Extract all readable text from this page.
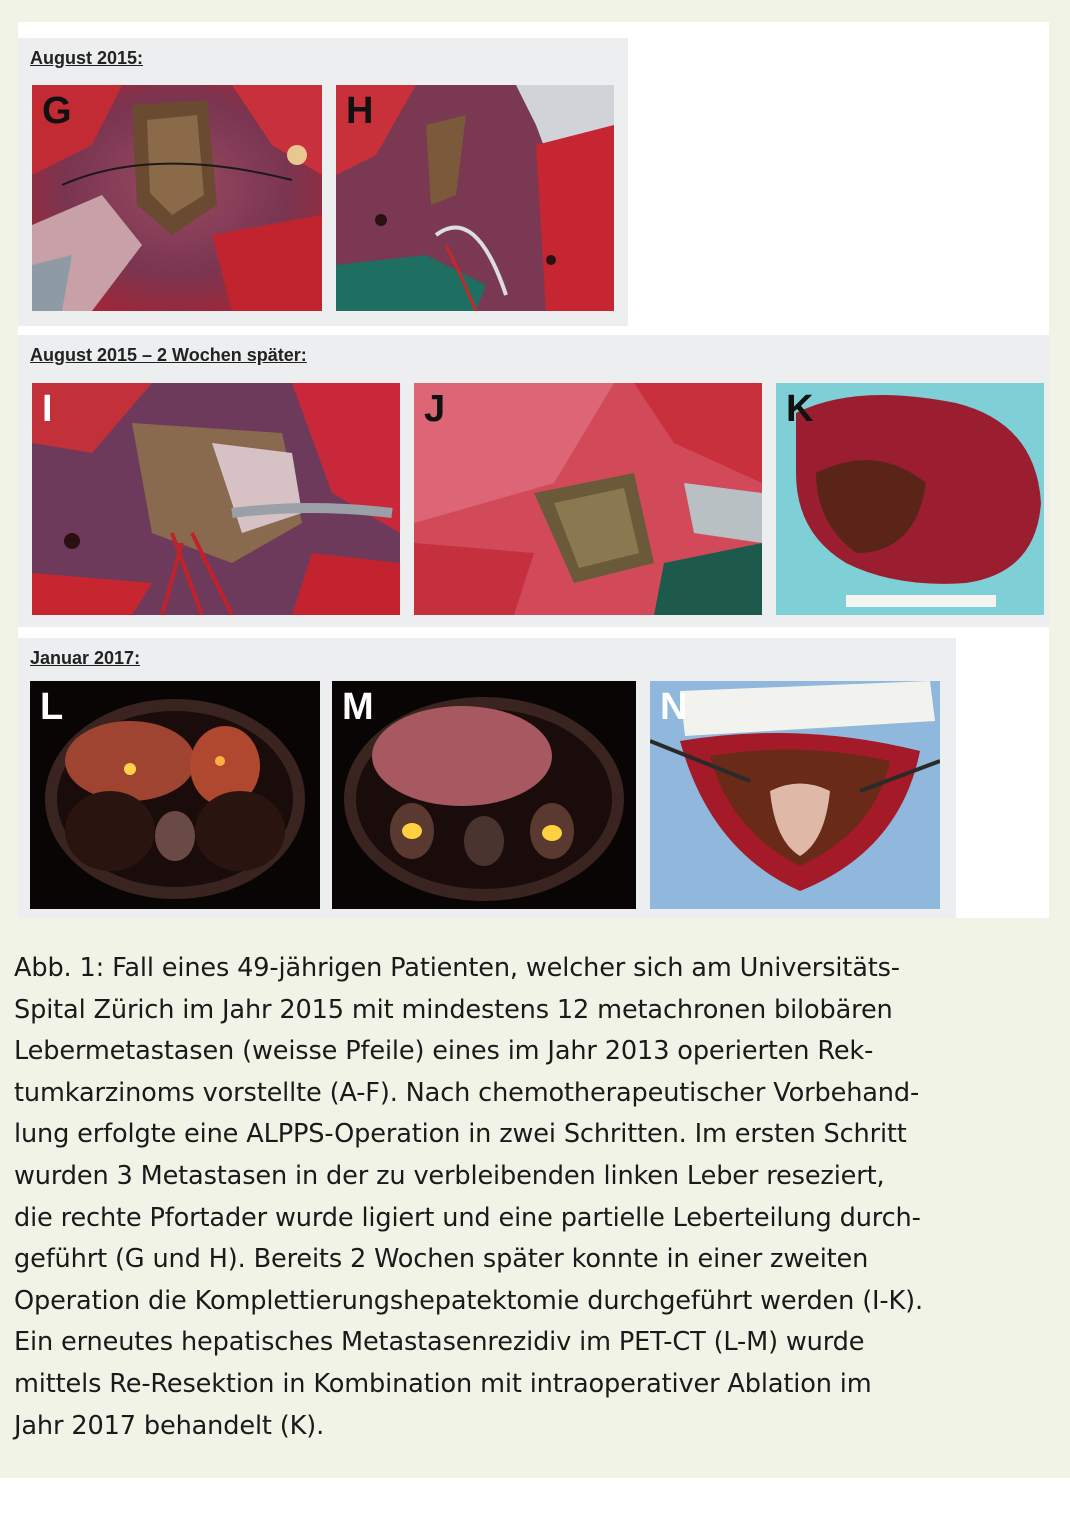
August 2015:
G	H
August 2015 – 2 Wochen später:
I	J	K
Januar 2017:
L	M	N
Abb. 1: Fall eines 49-jährigen Patienten, welcher sich am Universitäts-
Spital Zürich im Jahr 2015 mit mindestens 12 metachronen bilobären
Lebermetastasen (weisse Pfeile) eines im Jahr 2013 operierten Rek-
tumkarzinoms vorstellte (A-F). Nach chemotherapeutischer Vorbehand-
lung erfolgte eine ALPPS-Operation in zwei Schritten. Im ersten Schritt
wurden 3 Metastasen in der zu verbleibenden linken Leber reseziert,
die rechte Pfortader wurde ligiert und eine partielle Leberteilung durch-
geführt (G und H). Bereits 2 Wochen später konnte in einer zweiten
Operation die Komplettierungshepatektomie durchgeführt werden (I-K).
Ein erneutes hepatisches Metastasenrezidiv im PET-CT (L-M) wurde
mittels Re-Resektion in Kombination mit intraoperativer Ablation im
Jahr 2017 behandelt (K).
